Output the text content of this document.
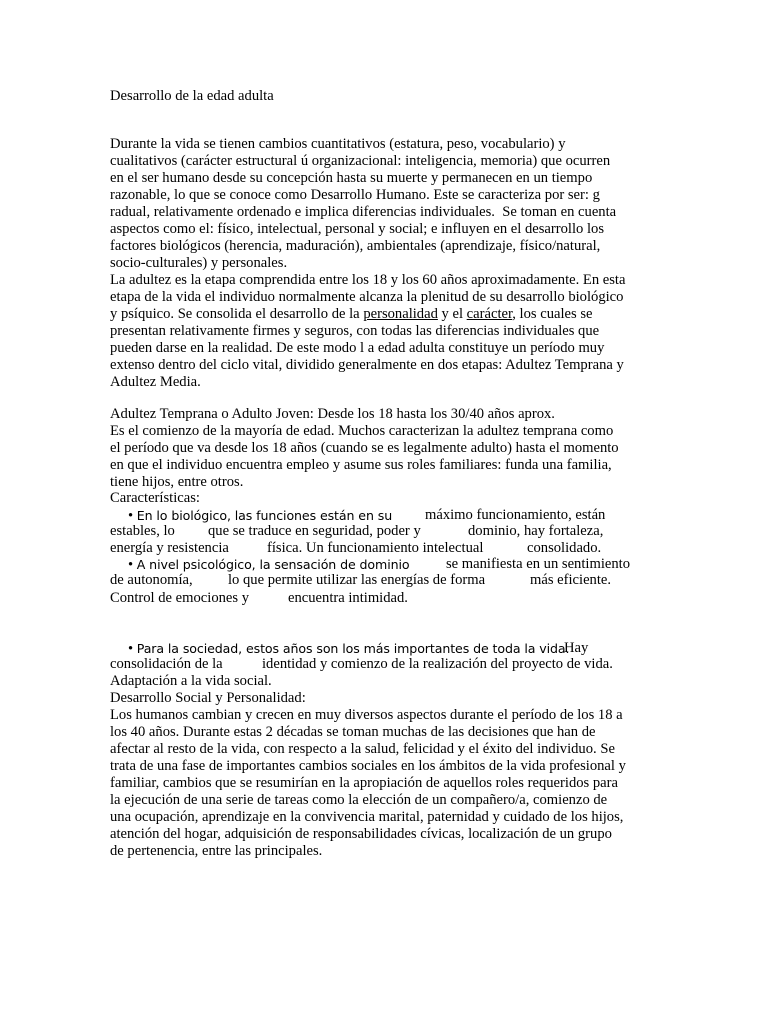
Desarrollo de la edad adulta
Durante la vida se tienen cambios cuantitativos (estatura, peso, vocabulario) y
cualitativos (carácter estructural ú organizacional: inteligencia, memoria) que ocurren
en el ser humano desde su concepción hasta su muerte y permanecen en un tiempo
razonable, lo que se conoce como Desarrollo Humano. Este se caracteriza por ser: g
radual, relativamente ordenado e implica diferencias individuales.  Se toman en cuenta
aspectos como el: físico, intelectual, personal y social; e influyen en el desarrollo los
factores biológicos (herencia, maduración), ambientales (aprendizaje, físico/natural,
socio-culturales) y personales.
La adultez es la etapa comprendida entre los 18 y los 60 años aproximadamente. En esta
etapa de la vida el individuo normalmente alcanza la plenitud de su desarrollo biológico
y psíquico. Se consolida el desarrollo de la personalidad y el carácter, los cuales se
presentan relativamente firmes y seguros, con todas las diferencias individuales que
pueden darse en la realidad. De este modo l a edad adulta constituye un período muy
extenso dentro del ciclo vital, dividido generalmente en dos etapas: Adultez Temprana y
Adultez Media.
Adultez Temprana o Adulto Joven: Desde los 18 hasta los 30/40 años aprox.
Es el comienzo de la mayoría de edad. Muchos caracterizan la adultez temprana como
el período que va desde los 18 años (cuando se es legalmente adulto) hasta el momento
en que el individuo encuentra empleo y asume sus roles familiares: funda una familia,
tiene hijos, entre otros.
Características:
• En lo biológico, las funciones están en su máximo funcionamiento, están
estables, lo que se traduce en seguridad, poder y	dominio, hay fortaleza,
energía y resistencia	física. Un funcionamiento intelectual	consolidado.
• A nivel psicológico, la sensación de dominio	se manifiesta en un sentimiento
de autonomía, lo que permite utilizar las energías de forma	más eficiente.
Control de emociones y	encuentra intimidad.
• Para la sociedad, estos años son los más importantes de toda la vida.
Hay
consolidación de la	identidad y comienzo de la realización del proyecto de vida.
Adaptación a la vida social.
Desarrollo Social y Personalidad:
Los humanos cambian y crecen en muy diversos aspectos durante el período de los 18 a
los 40 años. Durante estas 2 décadas se toman muchas de las decisiones que han de
afectar al resto de la vida, con respecto a la salud, felicidad y el éxito del individuo. Se
trata de una fase de importantes cambios sociales en los ámbitos de la vida profesional y
familiar, cambios que se resumirían en la apropiación de aquellos roles requeridos para
la ejecución de una serie de tareas como la elección de un compañero/a, comienzo de
una ocupación, aprendizaje en la convivencia marital, paternidad y cuidado de los hijos,
atención del hogar, adquisición de responsabilidades cívicas, localización de un grupo
de pertenencia, entre las principales.
